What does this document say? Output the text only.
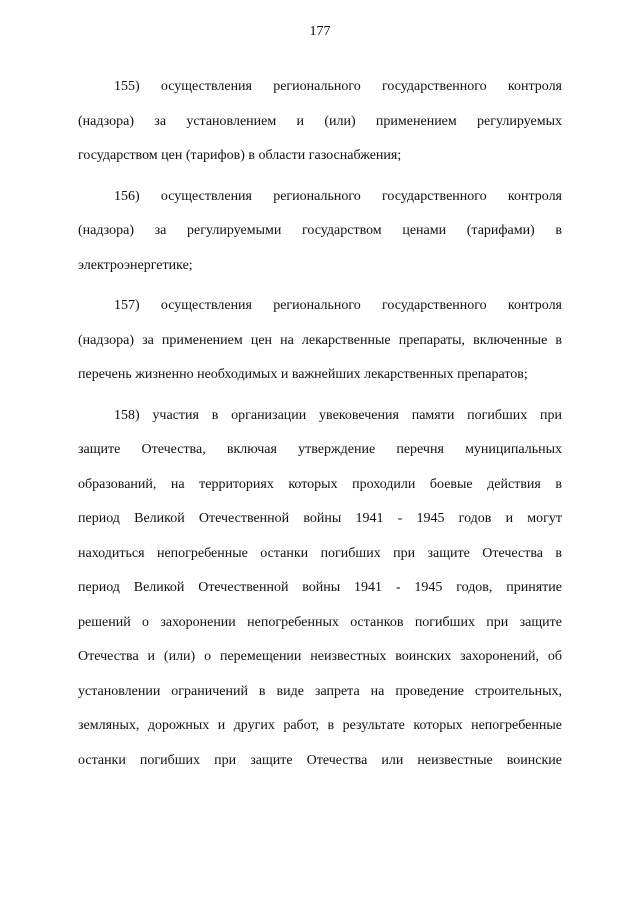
177
155) осуществления регионального государственного контроля
(надзора) за установлением и (или) применением регулируемых
государством цен (тарифов) в области газоснабжения;
156) осуществления регионального государственного контроля
(надзора) за регулируемыми государством ценами (тарифами) в
электроэнергетике;
157) осуществления регионального государственного контроля
(надзора) за применением цен на лекарственные препараты, включенные в
перечень жизненно необходимых и важнейших лекарственных препаратов;
158) участия в организации увековечения памяти погибших при
защите Отечества, включая утверждение перечня муниципальных
образований, на территориях которых проходили боевые действия в
период Великой Отечественной войны 1941 - 1945 годов и могут
находиться непогребенные останки погибших при защите Отечества в
период Великой Отечественной войны 1941 - 1945 годов, принятие
решений о захоронении непогребенных останков погибших при защите
Отечества и (или) о перемещении неизвестных воинских захоронений, об
установлении ограничений в виде запрета на проведение строительных,
земляных, дорожных и других работ, в результате которых непогребенные
останки погибших при защите Отечества или неизвестные воинские
